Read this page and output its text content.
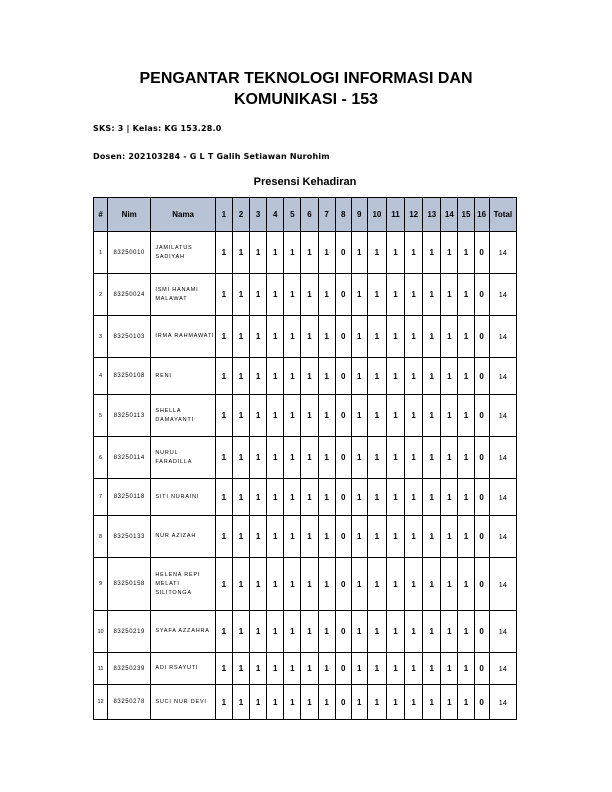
PENGANTAR TEKNOLOGI INFORMASI DAN KOMUNIKASI - 153
SKS: 3 | Kelas: KG 153.28.0
Dosen: 202103284 - G L T Galih Setiawan Nurohim
Presensi Kehadiran
#	Nim	Nama	1	2	3	4	5	6	7	8	9	10	11	12	13	14	15	16	Total
1	83250010	JAMILATUS SADIYAH	1	1	1	1	1	1	1	0	1	1	1	1	1	1	1	0	14
2	83250024	ISMI HANAMI MALAWAT	1	1	1	1	1	1	1	0	1	1	1	1	1	1	1	0	14
3	83250103	IRMA RAHMAWATI	1	1	1	1	1	1	1	0	1	1	1	1	1	1	1	0	14
4	83250108	RENI	1	1	1	1	1	1	1	0	1	1	1	1	1	1	1	0	14
5	83250113	SHELLA DAMAYANTI	1	1	1	1	1	1	1	0	1	1	1	1	1	1	1	0	14
6	83250114	NURUL FARADILLA	1	1	1	1	1	1	1	0	1	1	1	1	1	1	1	0	14
7	83250118	SITI NURAINI	1	1	1	1	1	1	1	0	1	1	1	1	1	1	1	0	14
8	83250133	NUR AZIZAH	1	1	1	1	1	1	1	0	1	1	1	1	1	1	1	0	14
9	83250158	HELENA REPI MELATI SILITONGA	1	1	1	1	1	1	1	0	1	1	1	1	1	1	1	0	14
10	83250219	SYAFA AZZAHRA	1	1	1	1	1	1	1	0	1	1	1	1	1	1	1	0	14
11	83250239	ADI RSAYUTI	1	1	1	1	1	1	1	0	1	1	1	1	1	1	1	0	14
12	83250278	SUCI NUR DEVI	1	1	1	1	1	1	1	0	1	1	1	1	1	1	1	0	14
